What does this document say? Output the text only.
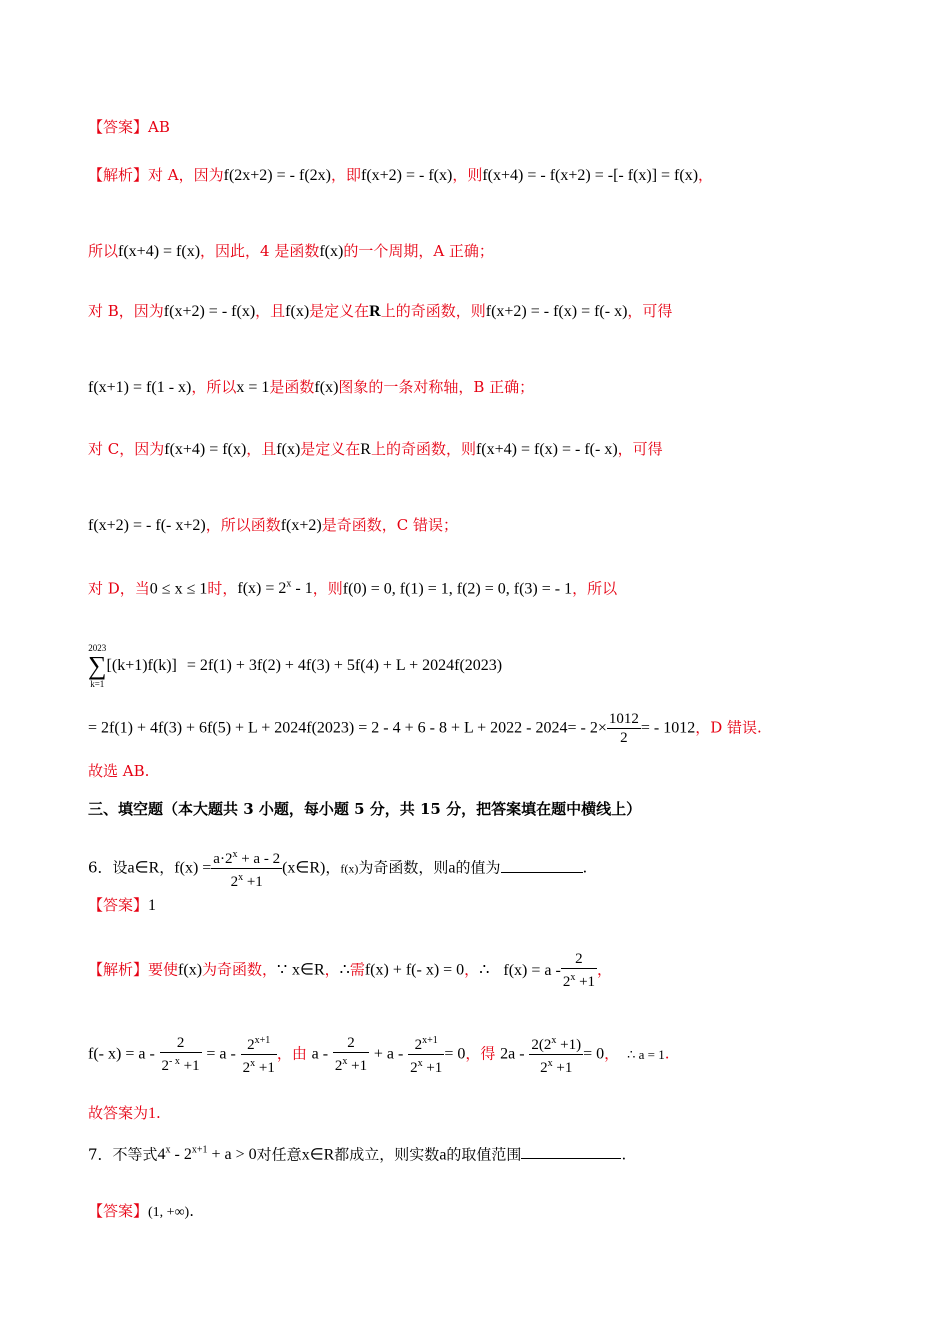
【答案】AB
【解析】对 A，因为f(2x+2) = - f(2x)，即f(x+2) = - f(x)，则f(x+4) = - f(x+2) = -[- f(x)] = f(x)，
所以f(x+4) = f(x)，因此，4 是函数f(x)的一个周期，A 正确；
对 B，因为f(x+2) = - f(x)，且f(x)是定义在R上的奇函数，则f(x+2) = - f(x) = f(- x)，可得
f(x+1) = f(1 - x)，所以x = 1是函数f(x)图象的一条对称轴，B 正确；
对 C，因为f(x+4) = f(x)，且f(x)是定义在R上的奇函数，则f(x+4) = f(x) = - f(- x)，可得
f(x+2) = - f(- x+2)，所以函数f(x+2)是奇函数，C 错误；
对 D，当0 ≤ x ≤ 1时，$f(x) = 2^x - 1$，则f(0) = 0, f(1) = 1, f(2) = 0, f(3) = - 1，所以
2023
∑
k=1
[(k+1)f(k)] = 2f(1) + 3f(2) + 4f(3) + 5f(4) + L + 2024f(2023)
= $2f(1) + 4f(3) + 6f(5) + L + 2024f(2023) = 2 - 4 + 6 - 8 + L + 2022 - 2024= - 2\times \frac{1012}{2}$ = - 1012，D 错误.
故选 AB.
三、填空题（本大题共 3 小题，每小题 5 分，共 15 分，把答案填在题中横线上）
6．设a∈R，$f(x) = \frac{a\cdot 2^x + a - 2}{2^x +1}$ (x∈R)，f(x)为奇函数，则a的值为	.
【答案】1
【解析】要使f(x)为奇函数，∵ x∈R，∴需f(x) + f(- x) = 0，∴ $f(x) = a - \frac{2}{2^x +1}$ ，
f(- $x) = a - \frac{2}{2^{- x} +1} = a - \frac{2^{x+1}}{2^x +1}$ ，由 $a - \frac{2}{2^x +1} + a - \frac{2^{x+1}}{2^x +1} = 0$，得 $2a - \frac{2(2^x +1)}{2^x +1} = 0$， ∴ a = 1.
故答案为1.
7．不等式$4^x - 2^{x+1} + a > 0$对任意x∈R都成立，则实数a的取值范围	.
【答案】(1, +∞).
